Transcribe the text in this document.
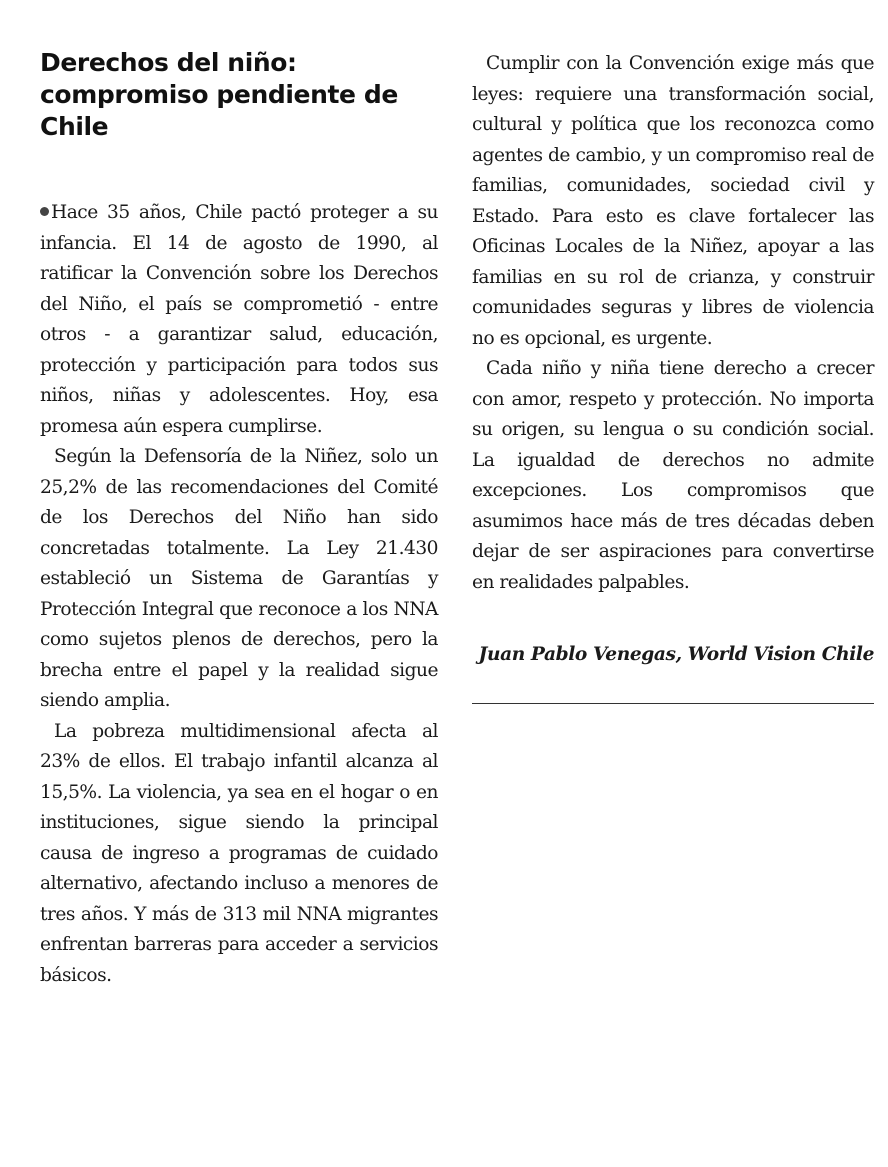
Derechos del niño: compromiso pendiente de Chile

Hace 35 años, Chile pactó proteger a su infancia. El 14 de agosto de 1990, al ratificar la Convención sobre los Derechos del Niño, el país se comprometió - entre otros - a garantizar salud, educación, protección y participación para todos sus niños, niñas y adolescentes. Hoy, esa promesa aún espera cumplirse.

Según la Defensoría de la Niñez, solo un 25,2% de las recomendaciones del Comité de los Derechos del Niño han sido concretadas totalmente. La Ley 21.430 estableció un Sistema de Garantías y Protección Integral que reconoce a los NNA como sujetos plenos de derechos, pero la brecha entre el papel y la realidad sigue siendo amplia.

La pobreza multidimensional afecta al 23% de ellos. El trabajo infantil alcanza al 15,5%. La violencia, ya sea en el hogar o en instituciones, sigue siendo la principal causa de ingreso a programas de cuidado alternativo, afectando incluso a menores de tres años. Y más de 313 mil NNA migrantes enfrentan barreras para acceder a servicios básicos.

Cumplir con la Convención exige más que leyes: requiere una transformación social, cultural y política que los reconozca como agentes de cambio, y un compromiso real de familias, comunidades, sociedad civil y Estado. Para esto es clave fortalecer las Oficinas Locales de la Niñez, apoyar a las familias en su rol de crianza, y construir comunidades seguras y libres de violencia no es opcional, es urgente.

Cada niño y niña tiene derecho a crecer con amor, respeto y protección. No importa su origen, su lengua o su condición social. La igualdad de derechos no admite excepciones. Los compromisos que asumimos hace más de tres décadas deben dejar de ser aspiraciones para convertirse en realidades palpables.

Juan Pablo Venegas, World Vision Chile
